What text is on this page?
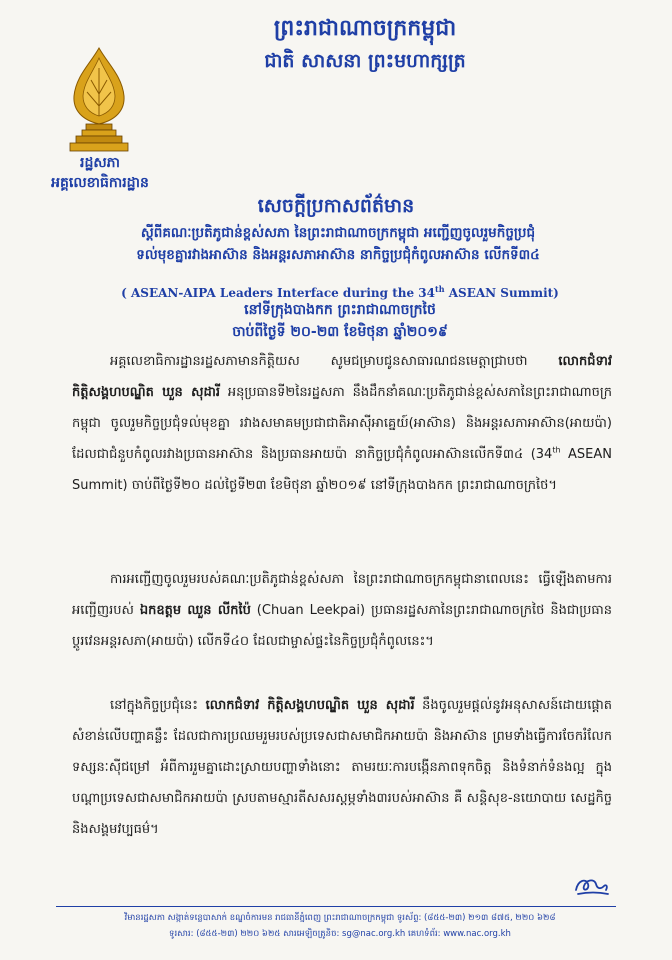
ព្រះរាជាណាចក្រកម្ពុជា
ជាតិ សាសនា ព្រះមហាក្សត្រ
រដ្ឋសភា
អគ្គលេខាធិការដ្ឋាន
សេចក្ដីប្រកាសព័ត៌មាន
ស្ដីពីគណៈប្រតិភូជាន់ខ្ពស់សភា នៃព្រះរាជាណាចក្រកម្ពុជា អញ្ជើញចូលរួមកិច្ចប្រជុំ
ទល់មុខគ្នារវាងអាស៊ាន និងអន្តរសភាអាស៊ាន នាកិច្ចប្រជុំកំពូលអាស៊ាន លើកទី៣៤
( ASEAN-AIPA Leaders Interface during the 34th ASEAN Summit)
នៅទីក្រុងបាងកក ព្រះរាជាណាចក្រថៃ
ចាប់ពីថ្ងៃទី ២០-២៣ ខែមិថុនា ឆ្នាំ២០១៩
អគ្គលេខាធិការដ្ឋានរដ្ឋសភាមានកិត្តិយស សូមជម្រាបជូនសាធារណជនមេត្តាជ្រាបថា លោកជំទាវ កិត្តិសង្គហបណ្ឌិត ឃួន សុដារី អនុប្រធានទី២នៃរដ្ឋសភា នឹងដឹកនាំគណៈប្រតិភូជាន់ខ្ពស់សភានៃព្រះរាជាណាចក្រកម្ពុជា ចូលរួមកិច្ចប្រជុំទល់មុខគ្នា រវាងសមាគមប្រជាជាតិអាស៊ីអាគ្នេយ៍(អាស៊ាន) និងអន្តរសភាអាស៊ាន(អាយប៉ា) ដែលជាជំនួបកំពូលរវាងប្រធានអាស៊ាន និងប្រធានអាយប៉ា នាកិច្ចប្រជុំកំពូលអាស៊ានលើកទី៣៤ (34th ASEAN Summit) ចាប់ពីថ្ងៃទី២០ ដល់ថ្ងៃទី២៣ ខែមិថុនា ឆ្នាំ២០១៩ នៅទីក្រុងបាងកក ព្រះរាជាណាចក្រថៃ។
ការអញ្ជើញចូលរួមរបស់គណៈប្រតិភូជាន់ខ្ពស់សភា នៃព្រះរាជាណាចក្រកម្ពុជានាពេលនេះ ធ្វើឡើងតាមការអញ្ជើញរបស់ ឯកឧត្តម ឈួន លីកប៉ៃ (Chuan Leekpai) ប្រធានរដ្ឋសភានៃព្រះរាជាណាចក្រថៃ និងជាប្រធានប្ដូរវេនអន្តរសភា(អាយប៉ា) លើកទី៤០ ដែលជាម្ចាស់ផ្ទះនៃកិច្ចប្រជុំកំពូលនេះ។
នៅក្នុងកិច្ចប្រជុំនេះ លោកជំទាវ កិត្តិសង្គហបណ្ឌិត ឃួន សុដារី នឹងចូលរួមផ្ដល់នូវអនុសាសន៍ដោយផ្ដោតសំខាន់លើបញ្ហាគន្លឹះ ដែលជាការប្រឈមរួមរបស់ប្រទេសជាសមាជិកអាយប៉ា និងអាស៊ាន ព្រមទាំងធ្វើការចែករំលែកទស្សនៈស៊ីជម្រៅ អំពីការរួមគ្នាដោះស្រាយបញ្ហាទាំងនោះ តាមរយៈការបង្កើនភាពទុកចិត្ត និងទំនាក់ទំនងល្អ ក្នុងបណ្ដាប្រទេសជាសមាជិកអាយប៉ា ស្របតាមស្មារតីសសរស្តម្ភទាំង៣របស់អាស៊ាន គឺ សន្តិសុខ-នយោបាយ សេដ្ឋកិច្ច និងសង្គមវប្បធម៌។
វិមានរដ្ឋសភា សង្កាត់ទន្លេបាសាក់ ខណ្ឌចំការមន រាជធានីភ្នំពេញ ព្រះរាជាណាចក្រកម្ពុជា ទូរស័ព្ទ: (៨៥៥-២៣) ២១៣ ៨៧៥, ២២០ ៦២៨
ទូរសារ: (៨៥៥-២៣) ២២០ ៦២៥ សារអេឡិចត្រូនិច: sg@nac.org.kh គេហទំព័រ: www.nac.org.kh
